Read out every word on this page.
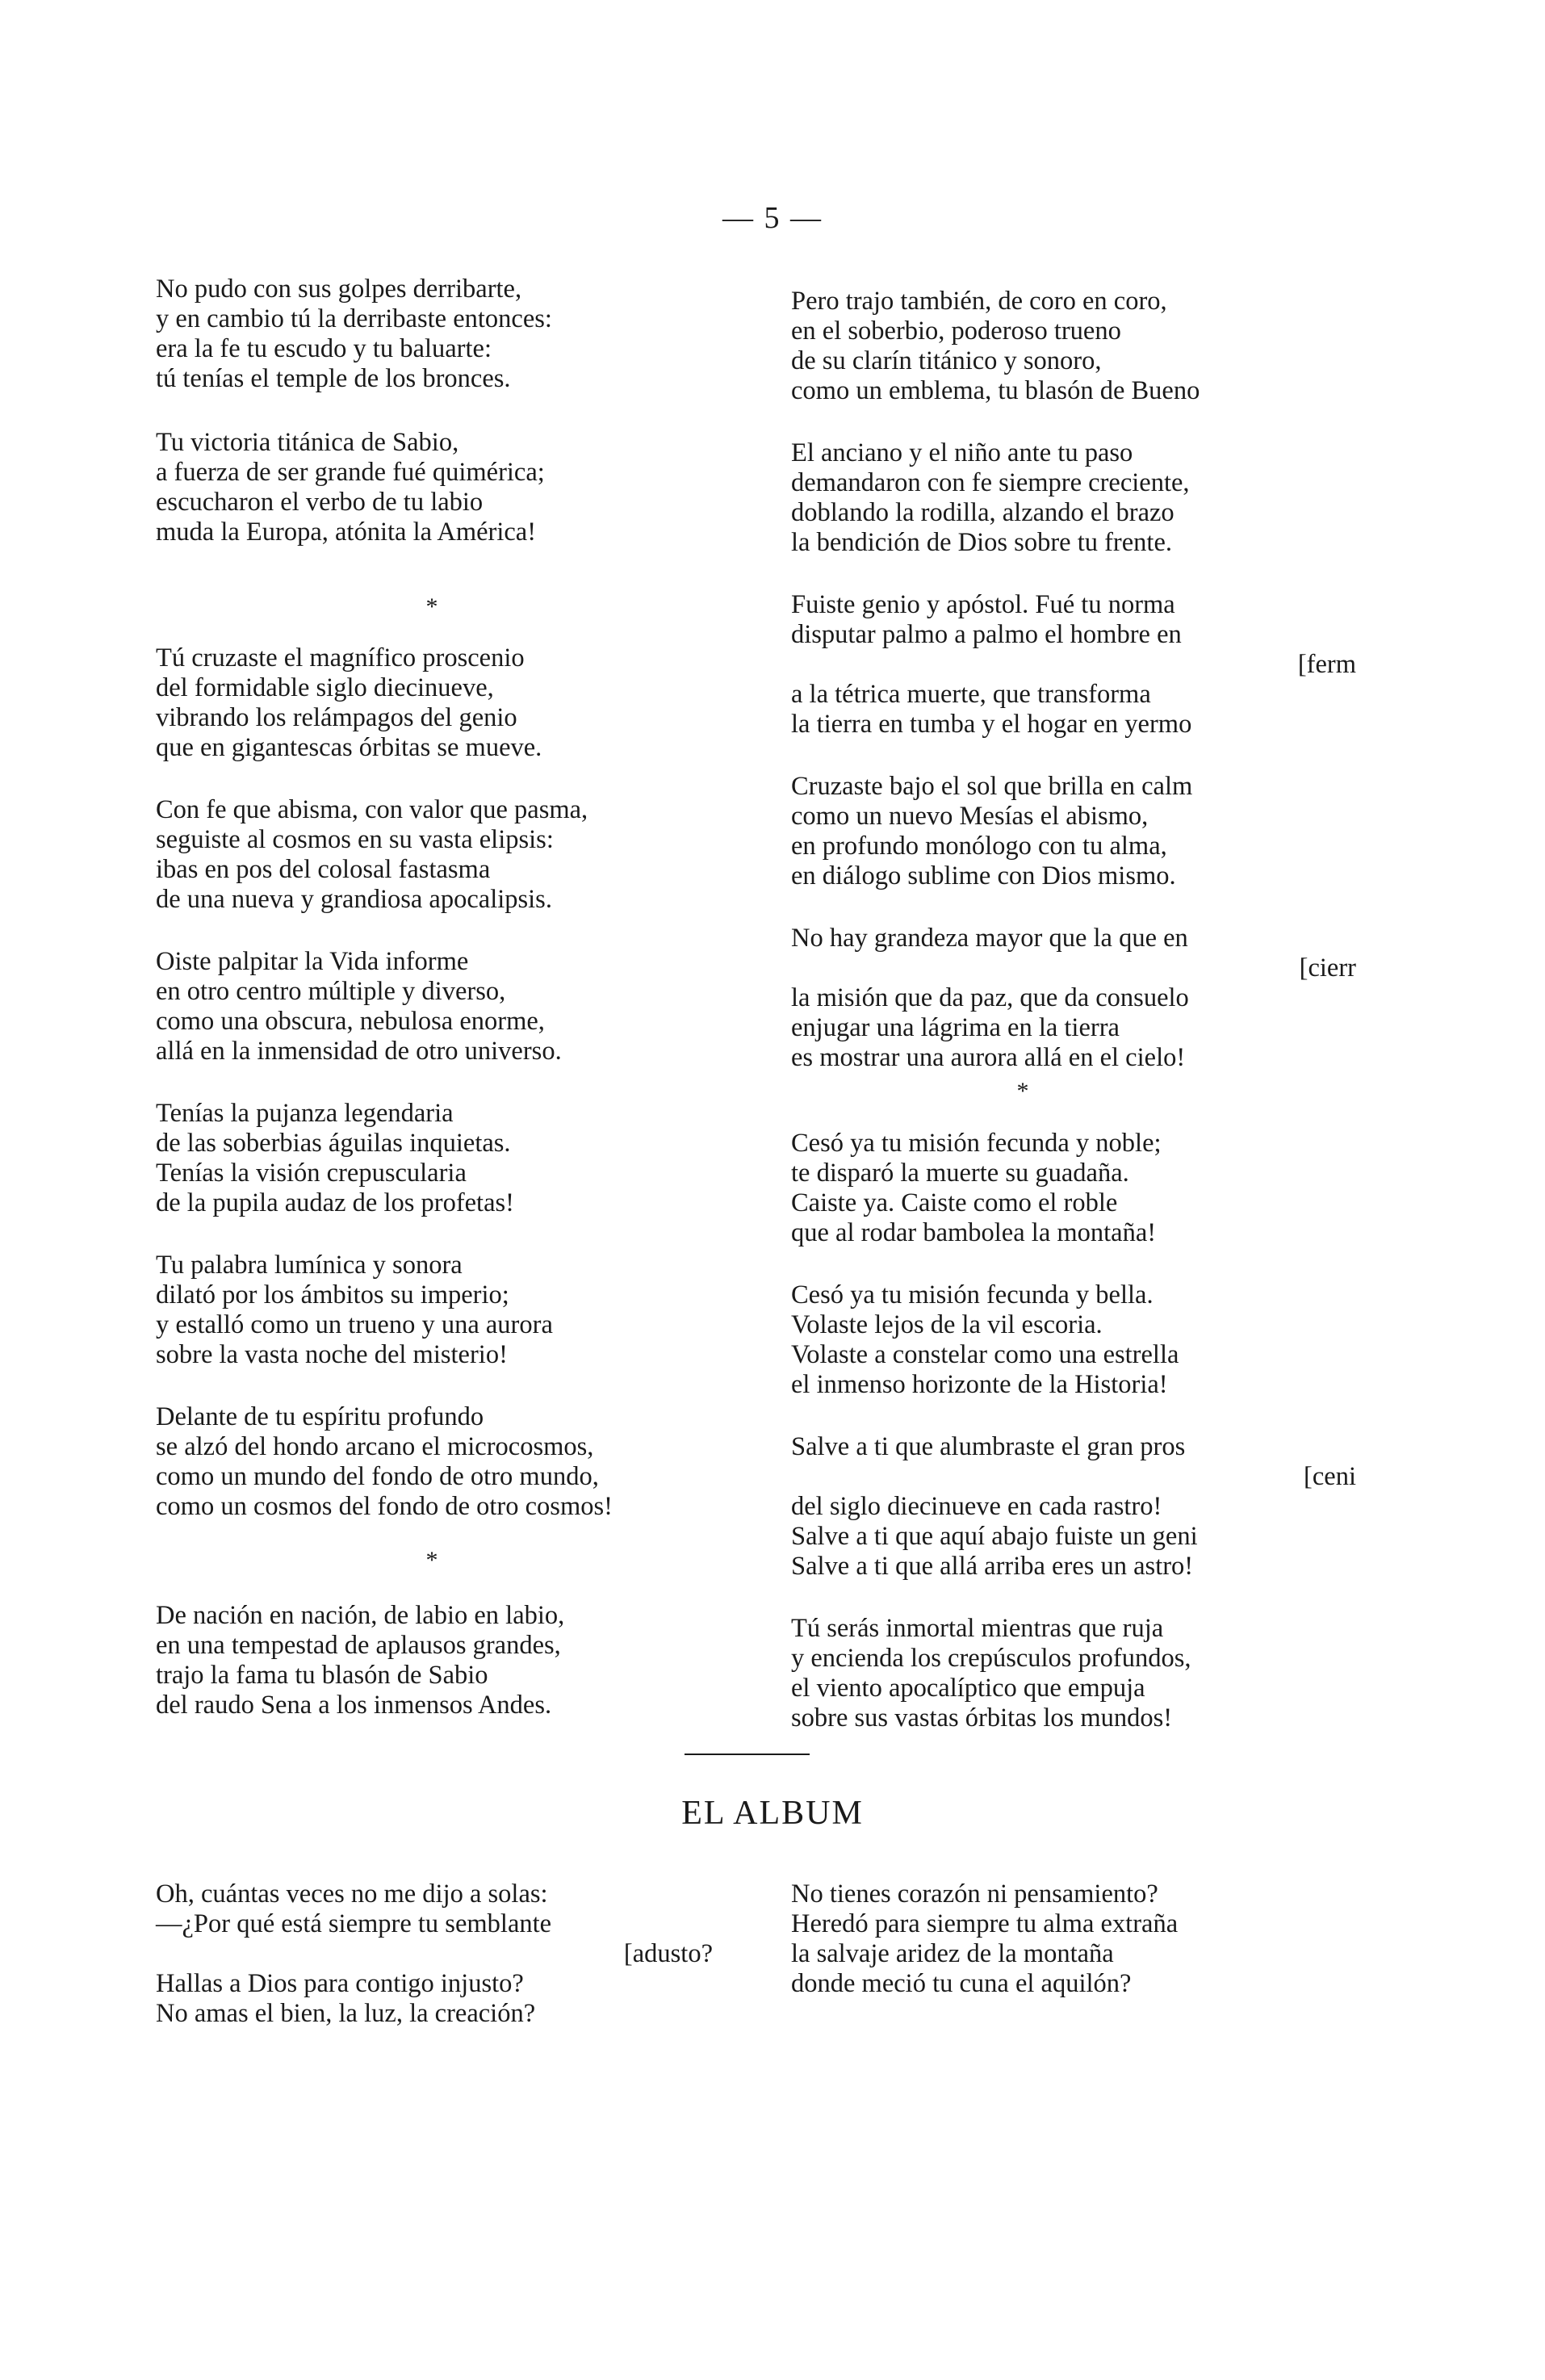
— 5 —
No pudo con sus golpes derribarte,
y en cambio tú la derribaste entonces:
era la fe tu escudo y tu baluarte:
tú tenías el temple de los bronces.
Tu victoria titánica de Sabio,
a fuerza de ser grande fué quimérica;
escucharon el verbo de tu labio
muda la Europa, atónita la América!
*
Tú cruzaste el magnífico proscenio
del formidable siglo diecinueve,
vibrando los relámpagos del genio
que en gigantescas órbitas se mueve.
Con fe que abisma, con valor que pasma,
seguiste al cosmos en su vasta elipsis:
ibas en pos del colosal fastasma
de una nueva y grandiosa apocalipsis.
Oiste palpitar la Vida informe
en otro centro múltiple y diverso,
como una obscura, nebulosa enorme,
allá en la inmensidad de otro universo.
Tenías la pujanza legendaria
de las soberbias águilas inquietas.
Tenías la visión crepuscularia
de la pupila audaz de los profetas!
Tu palabra lumínica y sonora
dilató por los ámbitos su imperio;
y estalló como un trueno y una aurora
sobre la vasta noche del misterio!
Delante de tu espíritu profundo
se alzó del hondo arcano el microcosmos,
como un mundo del fondo de otro mundo,
como un cosmos del fondo de otro cosmos!
*
De nación en nación, de labio en labio,
en una tempestad de aplausos grandes,
trajo la fama tu blasón de Sabio
del raudo Sena a los inmensos Andes.
Pero trajo también, de coro en coro,
en el soberbio, poderoso trueno
de su clarín titánico y sonoro,
como un emblema, tu blasón de Bueno
El anciano y el niño ante tu paso
demandaron con fe siempre creciente,
doblando la rodilla, alzando el brazo
la bendición de Dios sobre tu frente.
Fuiste genio y apóstol. Fué tu norma
disputar palmo a palmo el hombre en
[ferm
a la tétrica muerte, que transforma
la tierra en tumba y el hogar en yermo
Cruzaste bajo el sol que brilla en calm
como un nuevo Mesías el abismo,
en profundo monólogo con tu alma,
en diálogo sublime con Dios mismo.
No hay grandeza mayor que la que en
[cierr
la misión que da paz, que da consuelo
enjugar una lágrima en la tierra
es mostrar una aurora allá en el cielo!
*
Cesó ya tu misión fecunda y noble;
te disparó la muerte su guadaña.
Caiste ya. Caiste como el roble
que al rodar bambolea la montaña!
Cesó ya tu misión fecunda y bella.
Volaste lejos de la vil escoria.
Volaste a constelar como una estrella
el inmenso horizonte de la Historia!
Salve a ti que alumbraste el gran pros
[ceni
del siglo diecinueve en cada rastro!
Salve a ti que aquí abajo fuiste un geni
Salve a ti que allá arriba eres un astro!
Tú serás inmortal mientras que ruja
y encienda los crepúsculos profundos,
el viento apocalíptico que empuja
sobre sus vastas órbitas los mundos!
EL ALBUM
Oh, cuántas veces no me dijo a solas:
—¿Por qué está siempre tu semblante
[adusto?
Hallas a Dios para contigo injusto?
No amas el bien, la luz, la creación?
No tienes corazón ni pensamiento?
Heredó para siempre tu alma extraña
la salvaje aridez de la montaña
donde meció tu cuna el aquilón?
